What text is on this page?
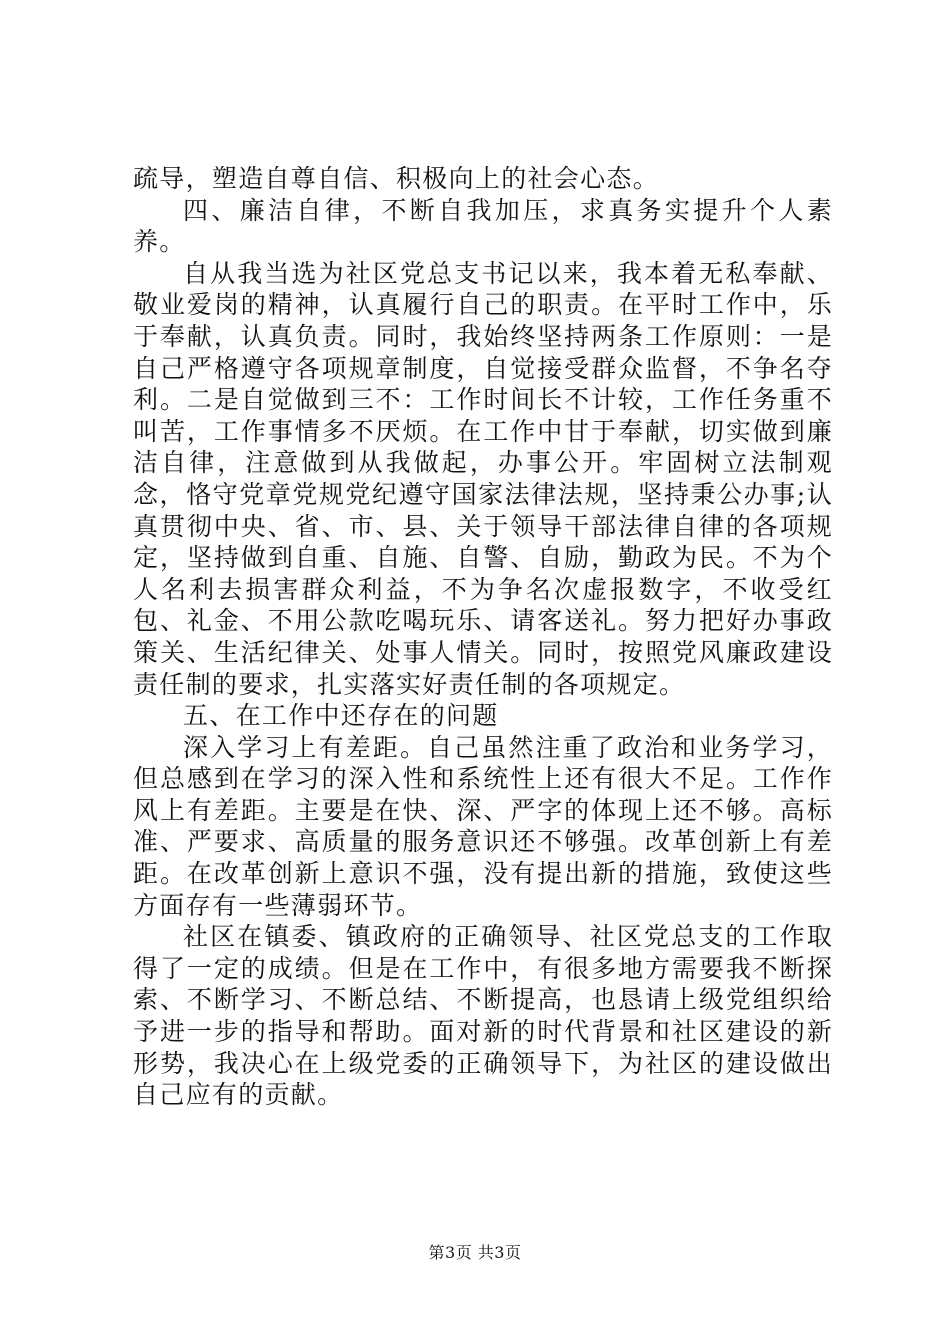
疏导，塑造自尊自信、积极向上的社会心态。

四、廉洁自律，不断自我加压，求真务实提升个人素养。

自从我当选为社区党总支书记以来，我本着无私奉献、敬业爱岗的精神，认真履行自己的职责。在平时工作中，乐于奉献，认真负责。同时，我始终坚持两条工作原则：一是自己严格遵守各项规章制度，自觉接受群众监督，不争名夺利。二是自觉做到三不：工作时间长不计较，工作任务重不叫苦，工作事情多不厌烦。在工作中甘于奉献，切实做到廉洁自律，注意做到从我做起，办事公开。牢固树立法制观念，恪守党章党规党纪遵守国家法律法规，坚持秉公办事;认真贯彻中央、省、市、县、关于领导干部法律自律的各项规定，坚持做到自重、自施、自警、自励，勤政为民。不为个人名利去损害群众利益，不为争名次虚报数字，不收受红包、礼金、不用公款吃喝玩乐、请客送礼。努力把好办事政策关、生活纪律关、处事人情关。同时，按照党风廉政建设责任制的要求，扎实落实好责任制的各项规定。

五、在工作中还存在的问题

深入学习上有差距。自己虽然注重了政治和业务学习，但总感到在学习的深入性和系统性上还有很大不足。工作作风上有差距。主要是在快、深、严字的体现上还不够。高标准、严要求、高质量的服务意识还不够强。改革创新上有差距。在改革创新上意识不强，没有提出新的措施，致使这些方面存有一些薄弱环节。

社区在镇委、镇政府的正确领导、社区党总支的工作取得了一定的成绩。但是在工作中，有很多地方需要我不断探索、不断学习、不断总结、不断提高，也恳请上级党组织给予进一步的指导和帮助。面对新的时代背景和社区建设的新形势，我决心在上级党委的正确领导下，为社区的建设做出自己应有的贡献。

第3页 共3页
